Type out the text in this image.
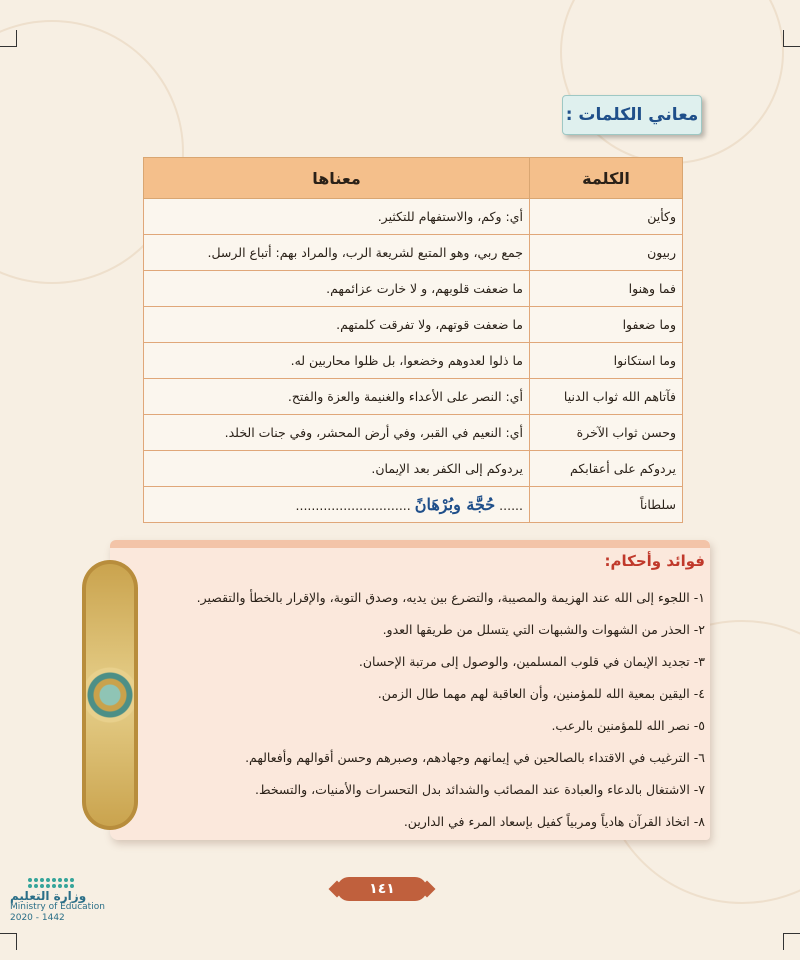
معاني الكلمات :
الكلمة	معناها
وكأين	أي: وكم، والاستفهام للتكثير.
ربيون	جمع ربي، وهو المتبع لشريعة الرب، والمراد بهم: أتباع الرسل.
فما وهنوا	ما ضعفت قلوبهم، و لا خارت عزائمهم.
وما ضعفوا	ما ضعفت قوتهم، ولا تفرقت كلمتهم.
وما استكانوا	ما ذلوا لعدوهم وخضعوا، بل ظلوا محاربين له.
فآتاهم الله ثواب الدنيا	أي: النصر على الأعداء والغنيمة والعزة والفتح.
وحسن ثواب الآخرة	أي: النعيم في القبر، وفي أرض المحشر، وفي جنات الخلد.
يردوكم على أعقابكم	يردوكم إلى الكفر بعد الإيمان.
سلطاناً	...... حُجَّة وبُرْهَانً .............................
فوائد وأحكام:
١- اللجوء إلى الله عند الهزيمة والمصيبة، والتضرع بين يديه، وصدق التوبة، والإقرار بالخطأ والتقصير.
٢- الحذر من الشهوات والشبهات التي يتسلل من طريقها العدو.
٣- تجديد الإيمان في قلوب المسلمين، والوصول إلى مرتبة الإحسان.
٤- اليقين بمعية الله للمؤمنين، وأن العاقبة لهم مهما طال الزمن.
٥- نصر الله للمؤمنين بالرعب.
٦- الترغيب في الاقتداء بالصالحين في إيمانهم وجهادهم، وصبرهم وحسن أقوالهم وأفعالهم.
٧- الاشتغال بالدعاء والعبادة عند المصائب والشدائد بدل التحسرات والأمنيات، والتسخط.
٨- اتخاذ القرآن هادياً ومربياً كفيل بإسعاد المرء في الدارين.
١٤١
وزارة التعليم
Ministry of Education
2020 - 1442
